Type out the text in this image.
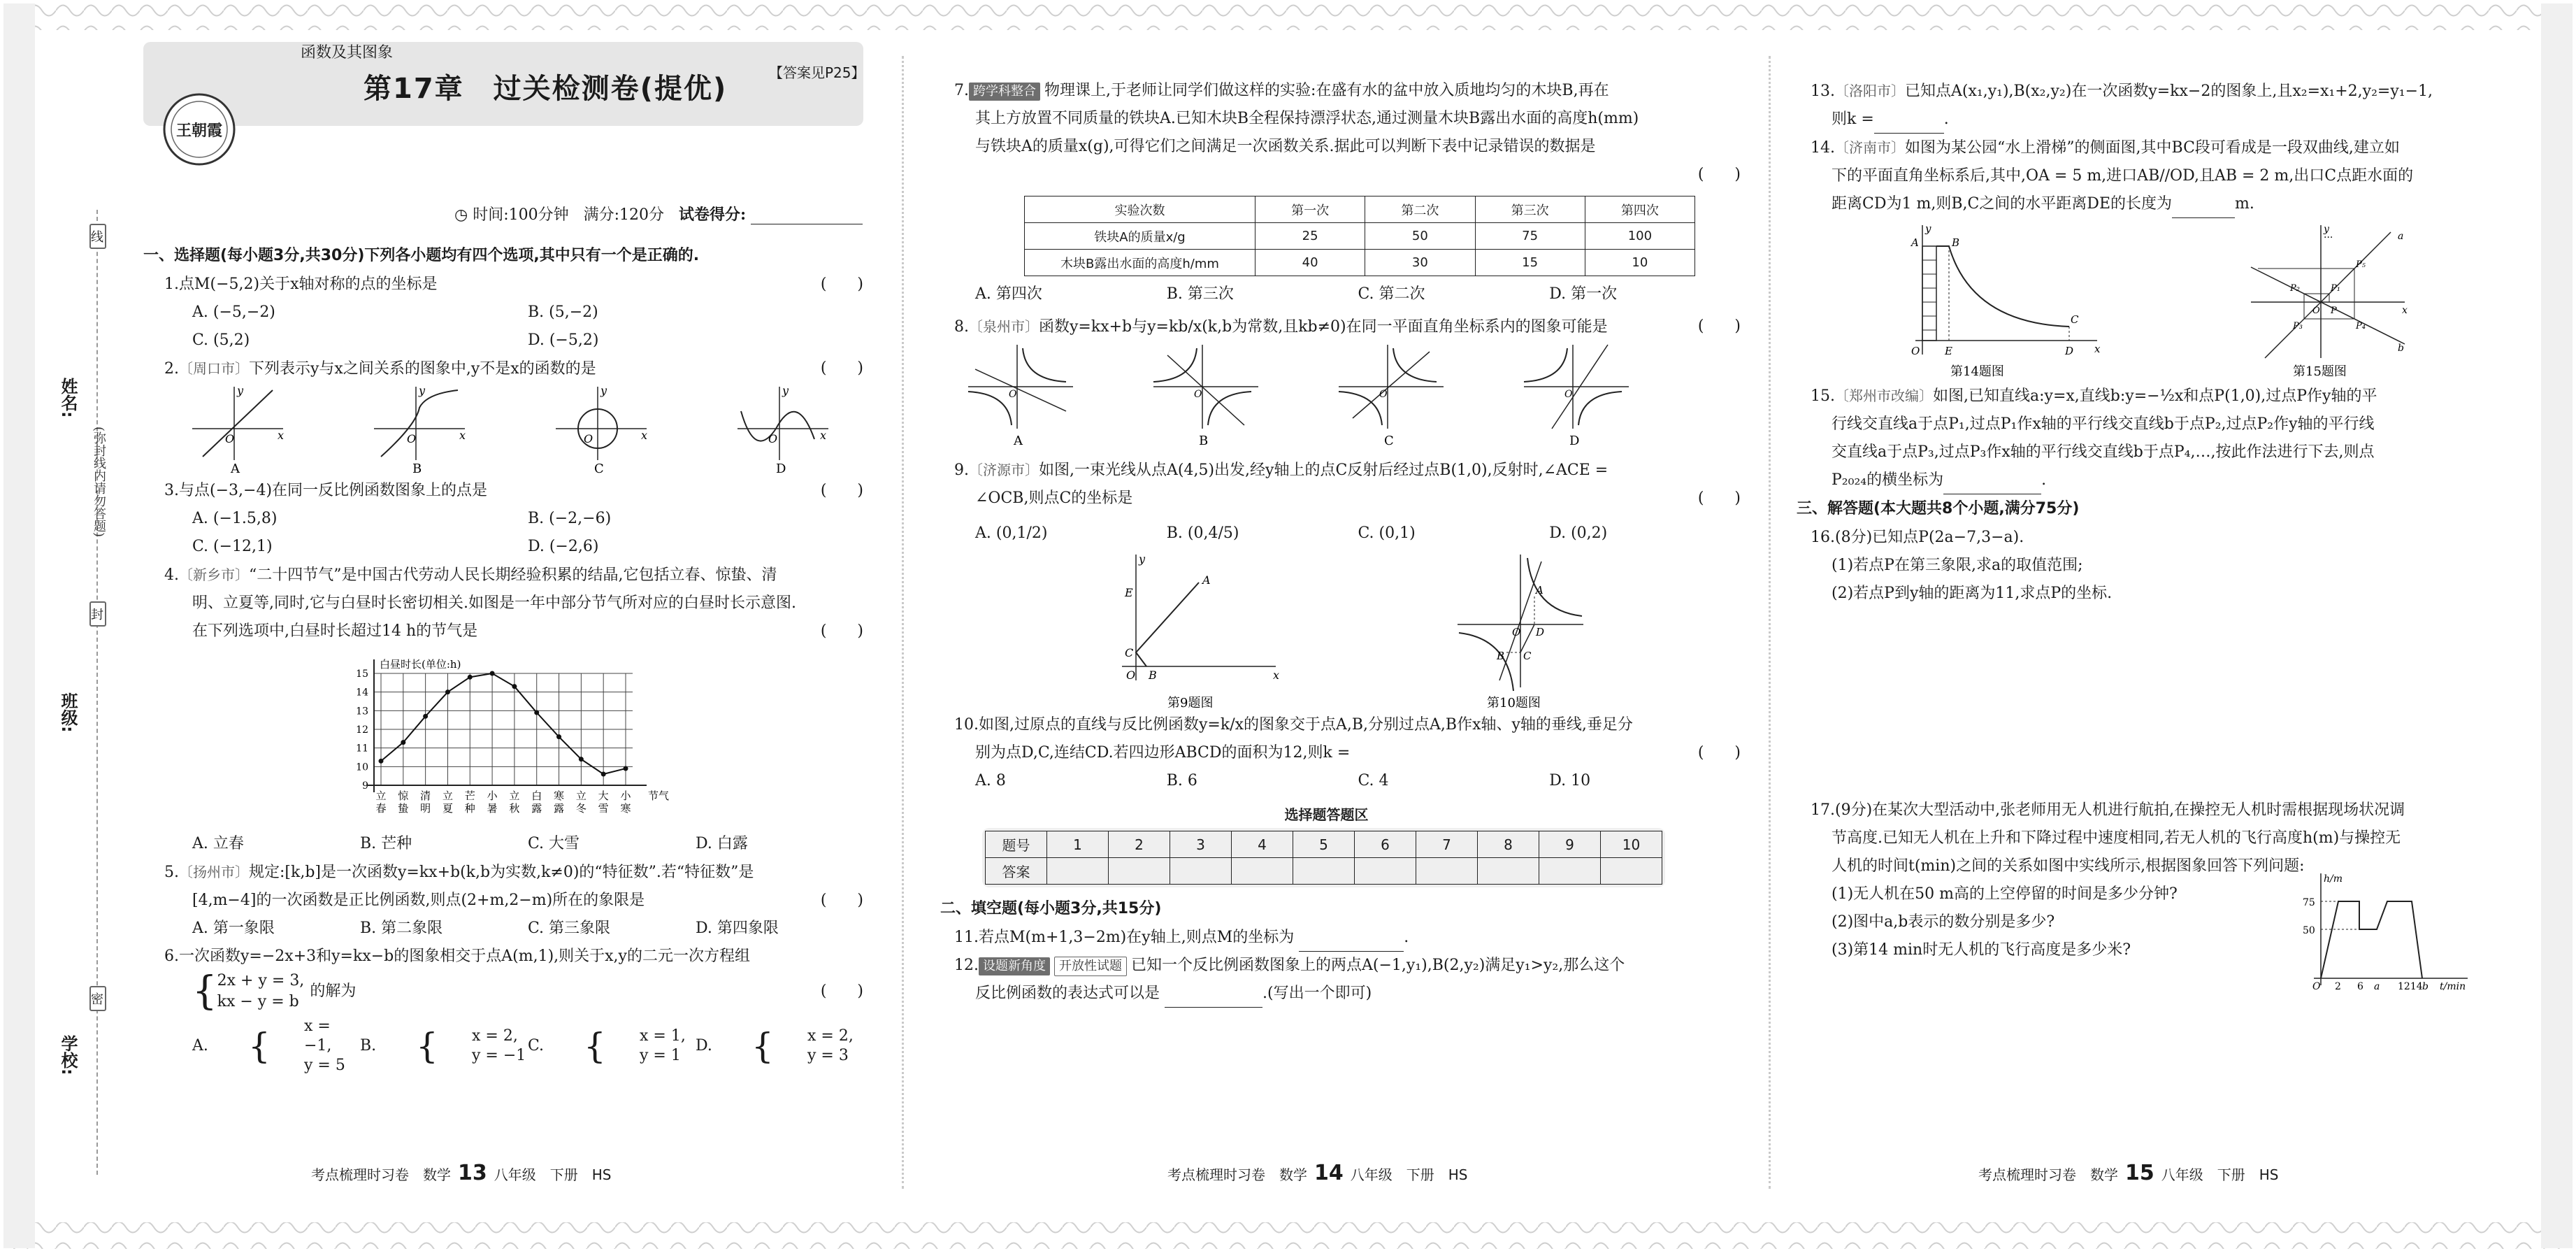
线
姓名:
(弥封线内请勿答题)
封
班级:
密
学校:
函数及其图象
【答案见P25】
王朝霞
第17章　过关检测卷(提优)
◷ 时间:100分钟 满分:120分 试卷得分:
一、选择题(每小题3分,共30分)下列各小题均有四个选项,其中只有一个是正确的.
1.点M(−5,2)关于x轴对称的点的坐标是	(　　)
A. (−5,−2)	B. (5,−2)
C. (5,2)	D. (−5,2)
2.〔周口市〕下列表示y与x之间关系的图象中,y不是x的函数的是	(　　)
O	x
y
A
O	x
y
B
O	x
y
C
O	x
y
D
3.与点(−3,−4)在同一反比例函数图象上的点是	(　　)
A. (−1.5,8)	B. (−2,−6)
C. (−12,1)	D. (−2,6)
4.〔新乡市〕“二十四节气”是中国古代劳动人民长期经验积累的结晶,它包括立春、惊蛰、清
明、立夏等,同时,它与白昼时长密切相关.如图是一年中部分节气所对应的白昼时长示意图.
在下列选项中,白昼时长超过14 h的节气是	(　　)
9
10
11
12
13
14
15
白昼时长(单位:h)
节气
立
春
惊
蛰
清
明
立
夏
芒
种
小
暑
立
秋
白
露
寒
露
立
冬
大
雪
小
寒
A. 立春	B. 芒种	C. 大雪	D. 白露
5.〔扬州市〕规定:[k,b]是一次函数y=kx+b(k,b为实数,k≠0)的“特征数”.若“特征数”是
[4,m−4]的一次函数是正比例函数,则点(2+m,2−m)所在的象限是	(　　)
A. 第一象限	B. 第二象限	C. 第三象限	D. 第四象限
6.一次函数y=−2x+3和y=kx−b的图象相交于点A(m,1),则关于x,y的二元一次方程组
{ 2x + y = 3,
kx − y = b
的解为	(　　)
A.	{	x = −1,
y = 5
B.	{	x = 2,
y = −1
C.	{	x = 1,
y = 1
D.	{	x = 2,
y = 3
7. 跨学科整合 物理课上,于老师让同学们做这样的实验:在盛有水的盆中放入质地均匀的木块B,再在
其上方放置不同质量的铁块A.已知木块B全程保持漂浮状态,通过测量木块B露出水面的高度h(mm)
与铁块A的质量x(g),可得它们之间满足一次函数关系.据此可以判断下表中记录错误的数据是
(　　)
实验次数	第一次	第二次	第三次	第四次
铁块A的质量x/g	25	50	75	100
木块B露出水面的高度h/mm	40	30	15	10
A. 第四次	B. 第三次	C. 第二次	D. 第一次
8.〔泉州市〕函数y=kx+b与y=kb/x(k,b为常数,且kb≠0)在同一平面直角坐标系内的图象可能是	(　　)
O
A
O
B
O
C
O
D
9.〔济源市〕如图,一束光线从点A(4,5)出发,经y轴上的点C反射后经过点B(1,0),反射时,∠ACE =
∠OCB,则点C的坐标是	(　　)
A. (0,1/2)	B. (0,4/5)	C. (0,1)	D. (0,2)
y
x
O B
C
E
A
第9题图
A
B
O D
C
第10题图
10.如图,过原点的直线与反比例函数y=k/x的图象交于点A,B,分别过点A,B作x轴、y轴的垂线,垂足分
别为点D,C,连结CD.若四边形ABCD的面积为12,则k =	(　　)
A. 8	B. 6	C. 4	D. 10
选择题答题区
题号	1	2	3	4	5	6	7	8	9	10
答案										
二、填空题(每小题3分,共15分)
11.若点M(m+1,3−2m)在y轴上,则点M的坐标为	.
12. 设题新角度 开放性试题 已知一个反比例函数图象上的两点A(−1,y₁),B(2,y₂)满足y₁>y₂,那么这个
反比例函数的表达式可以是	.(写出一个即可)
13.〔洛阳市〕已知点A(x₁,y₁),B(x₂,y₂)在一次函数y=kx−2的图象上,且x₂=x₁+2,y₂=y₁−1,
则k =	.
14.〔济南市〕如图为某公园“水上滑梯”的侧面图,其中BC段可看成是一段双曲线,建立如
下的平面直角坐标系后,其中,OA = 5 m,进口AB//OD,且AB = 2 m,出口C点距水面的
距离CD为1 m,则B,C之间的水平距离DE的长度为	m.
A	B
C
O E	D x
y
第14题图
···
P₅
P₂	P₁
P₃	P₄
P
O
a
b
x
y
第15题图
15.〔郑州市改编〕如图,已知直线a:y=x,直线b:y=−½x和点P(1,0),过点P作y轴的平
行线交直线a于点P₁,过点P₁作x轴的平行线交直线b于点P₂,过点P₂作y轴的平行线
交直线a于点P₃,过点P₃作x轴的平行线交直线b于点P₄,…,按此作法进行下去,则点
P₂₀₂₄的横坐标为	.
三、解答题(本大题共8个小题,满分75分)
16.(8分)已知点P(2a−7,3−a).
(1)若点P在第三象限,求a的取值范围;
(2)若点P到y轴的距离为11,求点P的坐标.
17.(9分)在某次大型活动中,张老师用无人机进行航拍,在操控无人机时需根据现场状况调
节高度.已知无人机在上升和下降过程中速度相同,若无人机的飞行高度h(m)与操控无
人机的时间t(min)之间的关系如图中实线所示,根据图象回答下列问题:
(1)无人机在50 m高的上空停留的时间是多少分钟?
(2)图中a,b表示的数分别是多少?
(3)第14 min时无人机的飞行高度是多少米?
75
50
h/m
O 2 6 a 1214 b t/min
考点梳理时习卷　数学 13 八年级　下册　HS	考点梳理时习卷　数学 14 八年级　下册　HS	考点梳理时习卷　数学 15 八年级　下册　HS
